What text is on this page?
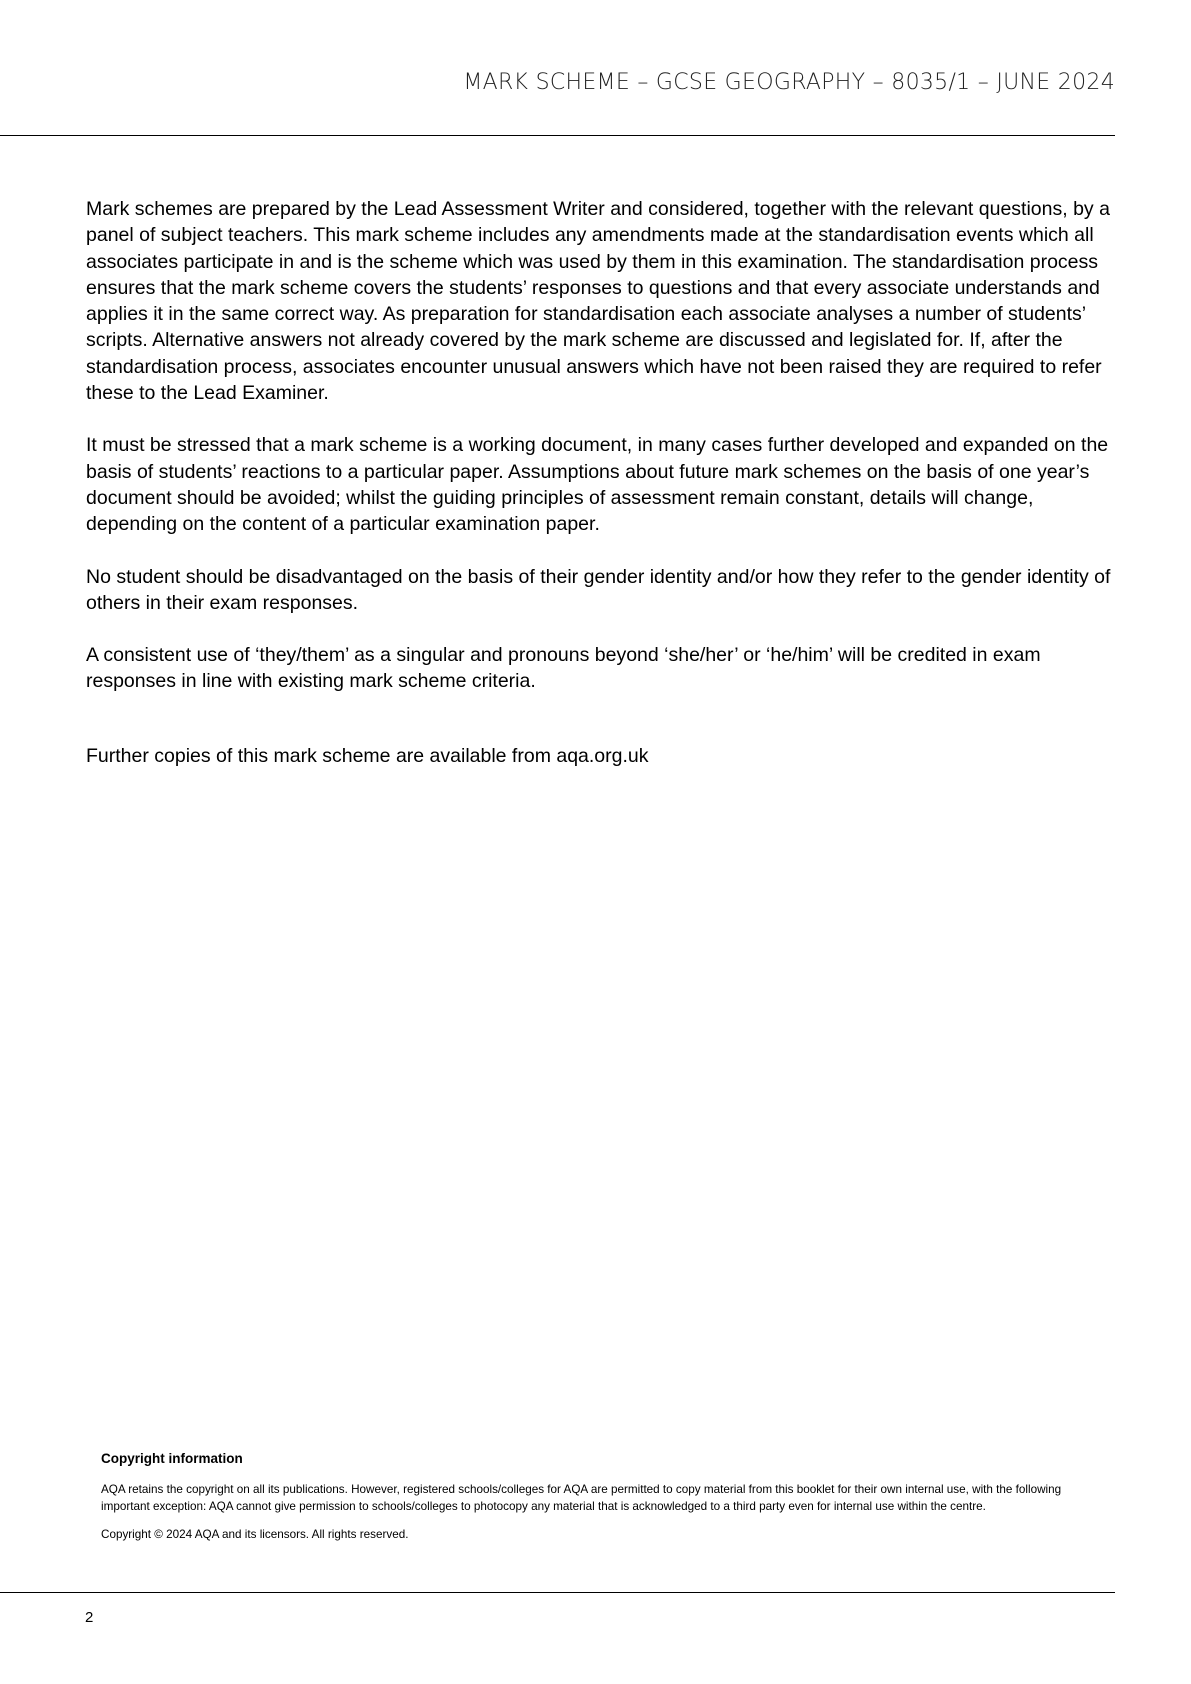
MARK SCHEME – GCSE GEOGRAPHY – 8035/1 – JUNE 2024

Mark schemes are prepared by the Lead Assessment Writer and considered, together with the relevant questions, by a panel of subject teachers. This mark scheme includes any amendments made at the standardisation events which all associates participate in and is the scheme which was used by them in this examination. The standardisation process ensures that the mark scheme covers the students’ responses to questions and that every associate understands and applies it in the same correct way. As preparation for standardisation each associate analyses a number of students’ scripts. Alternative answers not already covered by the mark scheme are discussed and legislated for. If, after the standardisation process, associates encounter unusual answers which have not been raised they are required to refer these to the Lead Examiner.

It must be stressed that a mark scheme is a working document, in many cases further developed and expanded on the basis of students’ reactions to a particular paper. Assumptions about future mark schemes on the basis of one year’s document should be avoided; whilst the guiding principles of assessment remain constant, details will change, depending on the content of a particular examination paper.

No student should be disadvantaged on the basis of their gender identity and/or how they refer to the gender identity of others in their exam responses.

A consistent use of ‘they/them’ as a singular and pronouns beyond ‘she/her’ or ‘he/him’ will be credited in exam responses in line with existing mark scheme criteria.

Further copies of this mark scheme are available from aqa.org.uk

Copyright information

AQA retains the copyright on all its publications. However, registered schools/colleges for AQA are permitted to copy material from this booklet for their own internal use, with the following important exception: AQA cannot give permission to schools/colleges to photocopy any material that is acknowledged to a third party even for internal use within the centre.

Copyright © 2024 AQA and its licensors. All rights reserved.

2
